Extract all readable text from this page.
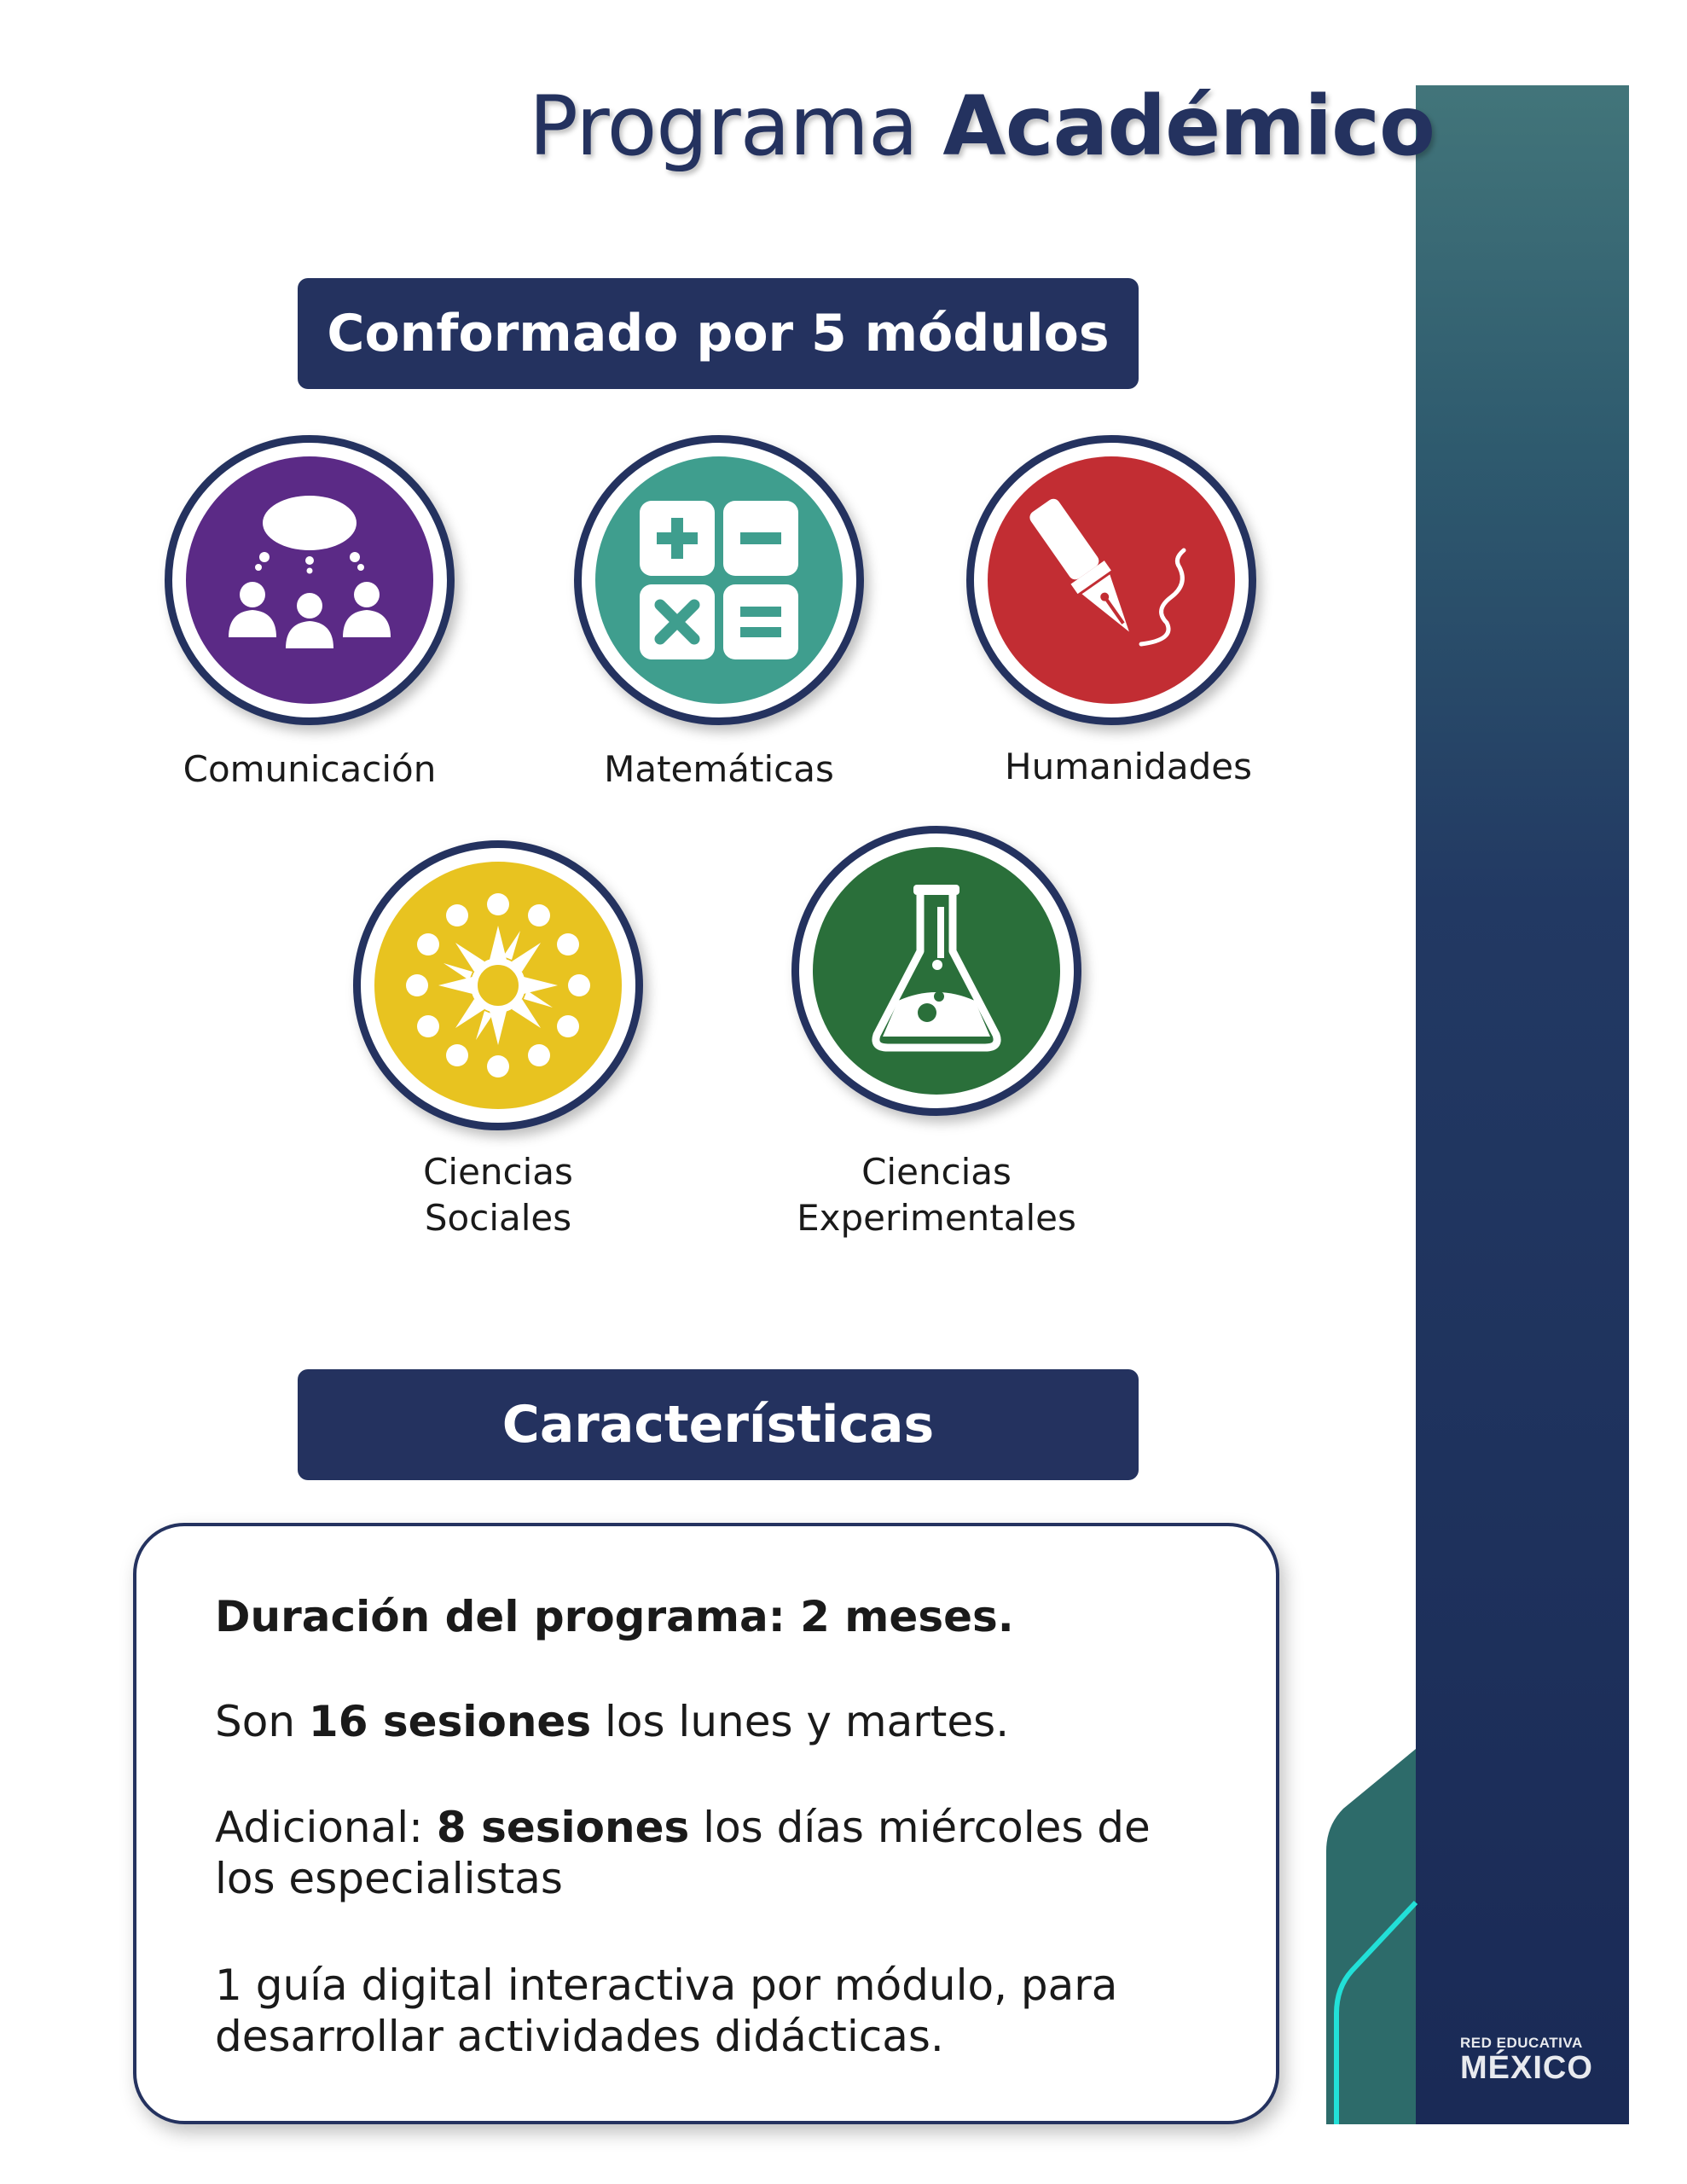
RED EDUCATIVA
MÉXICO
Programa Académico
Conformado por 5 módulos
Comunicación	Matemáticas	Humanidades
Ciencias
Sociales
Ciencias
Experimentales
Características
Duración del programa: 2 meses.
Son 16 sesiones los lunes y martes.
Adicional: 8 sesiones los días miércoles de los especialistas
1 guía digital interactiva por módulo, para desarrollar actividades didácticas.
